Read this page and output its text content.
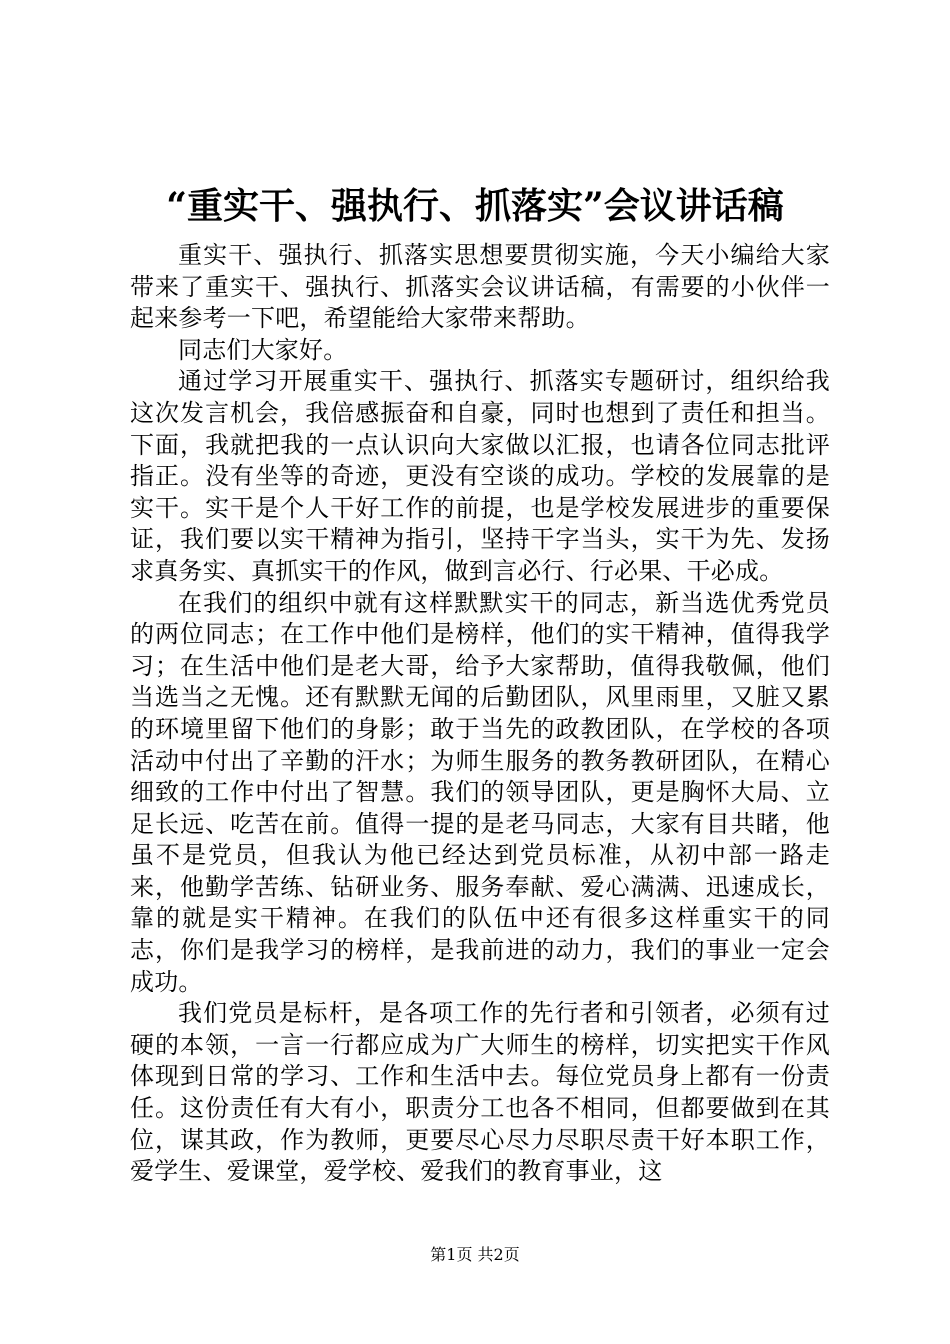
“重实干、强执行、抓落实”会议讲话稿

重实干、强执行、抓落实思想要贯彻实施，今天小编给大家带来了重实干、强执行、抓落实会议讲话稿，有需要的小伙伴一起来参考一下吧，希望能给大家带来帮助。

同志们大家好。

通过学习开展重实干、强执行、抓落实专题研讨，组织给我这次发言机会，我倍感振奋和自豪，同时也想到了责任和担当。下面，我就把我的一点认识向大家做以汇报，也请各位同志批评指正。没有坐等的奇迹，更没有空谈的成功。学校的发展靠的是实干。实干是个人干好工作的前提，也是学校发展进步的重要保证，我们要以实干精神为指引，坚持干字当头，实干为先、发扬求真务实、真抓实干的作风，做到言必行、行必果、干必成。

在我们的组织中就有这样默默实干的同志，新当选优秀党员的两位同志；在工作中他们是榜样，他们的实干精神，值得我学习；在生活中他们是老大哥，给予大家帮助，值得我敬佩，他们当选当之无愧。还有默默无闻的后勤团队，风里雨里，又脏又累的环境里留下他们的身影；敢于当先的政教团队，在学校的各项活动中付出了辛勤的汗水；为师生服务的教务教研团队，在精心细致的工作中付出了智慧。我们的领导团队，更是胸怀大局、立足长远、吃苦在前。值得一提的是老马同志，大家有目共睹，他虽不是党员，但我认为他已经达到党员标准，从初中部一路走来，他勤学苦练、钻研业务、服务奉献、爱心满满、迅速成长，靠的就是实干精神。在我们的队伍中还有很多这样重实干的同志，你们是我学习的榜样，是我前进的动力，我们的事业一定会成功。

我们党员是标杆，是各项工作的先行者和引领者，必须有过硬的本领，一言一行都应成为广大师生的榜样，切实把实干作风体现到日常的学习、工作和生活中去。每位党员身上都有一份责任。这份责任有大有小，职责分工也各不相同，但都要做到在其位，谋其政，作为教师，更要尽心尽力尽职尽责干好本职工作，爱学生、爱课堂，爱学校、爱我们的教育事业，这

第1页 共2页
